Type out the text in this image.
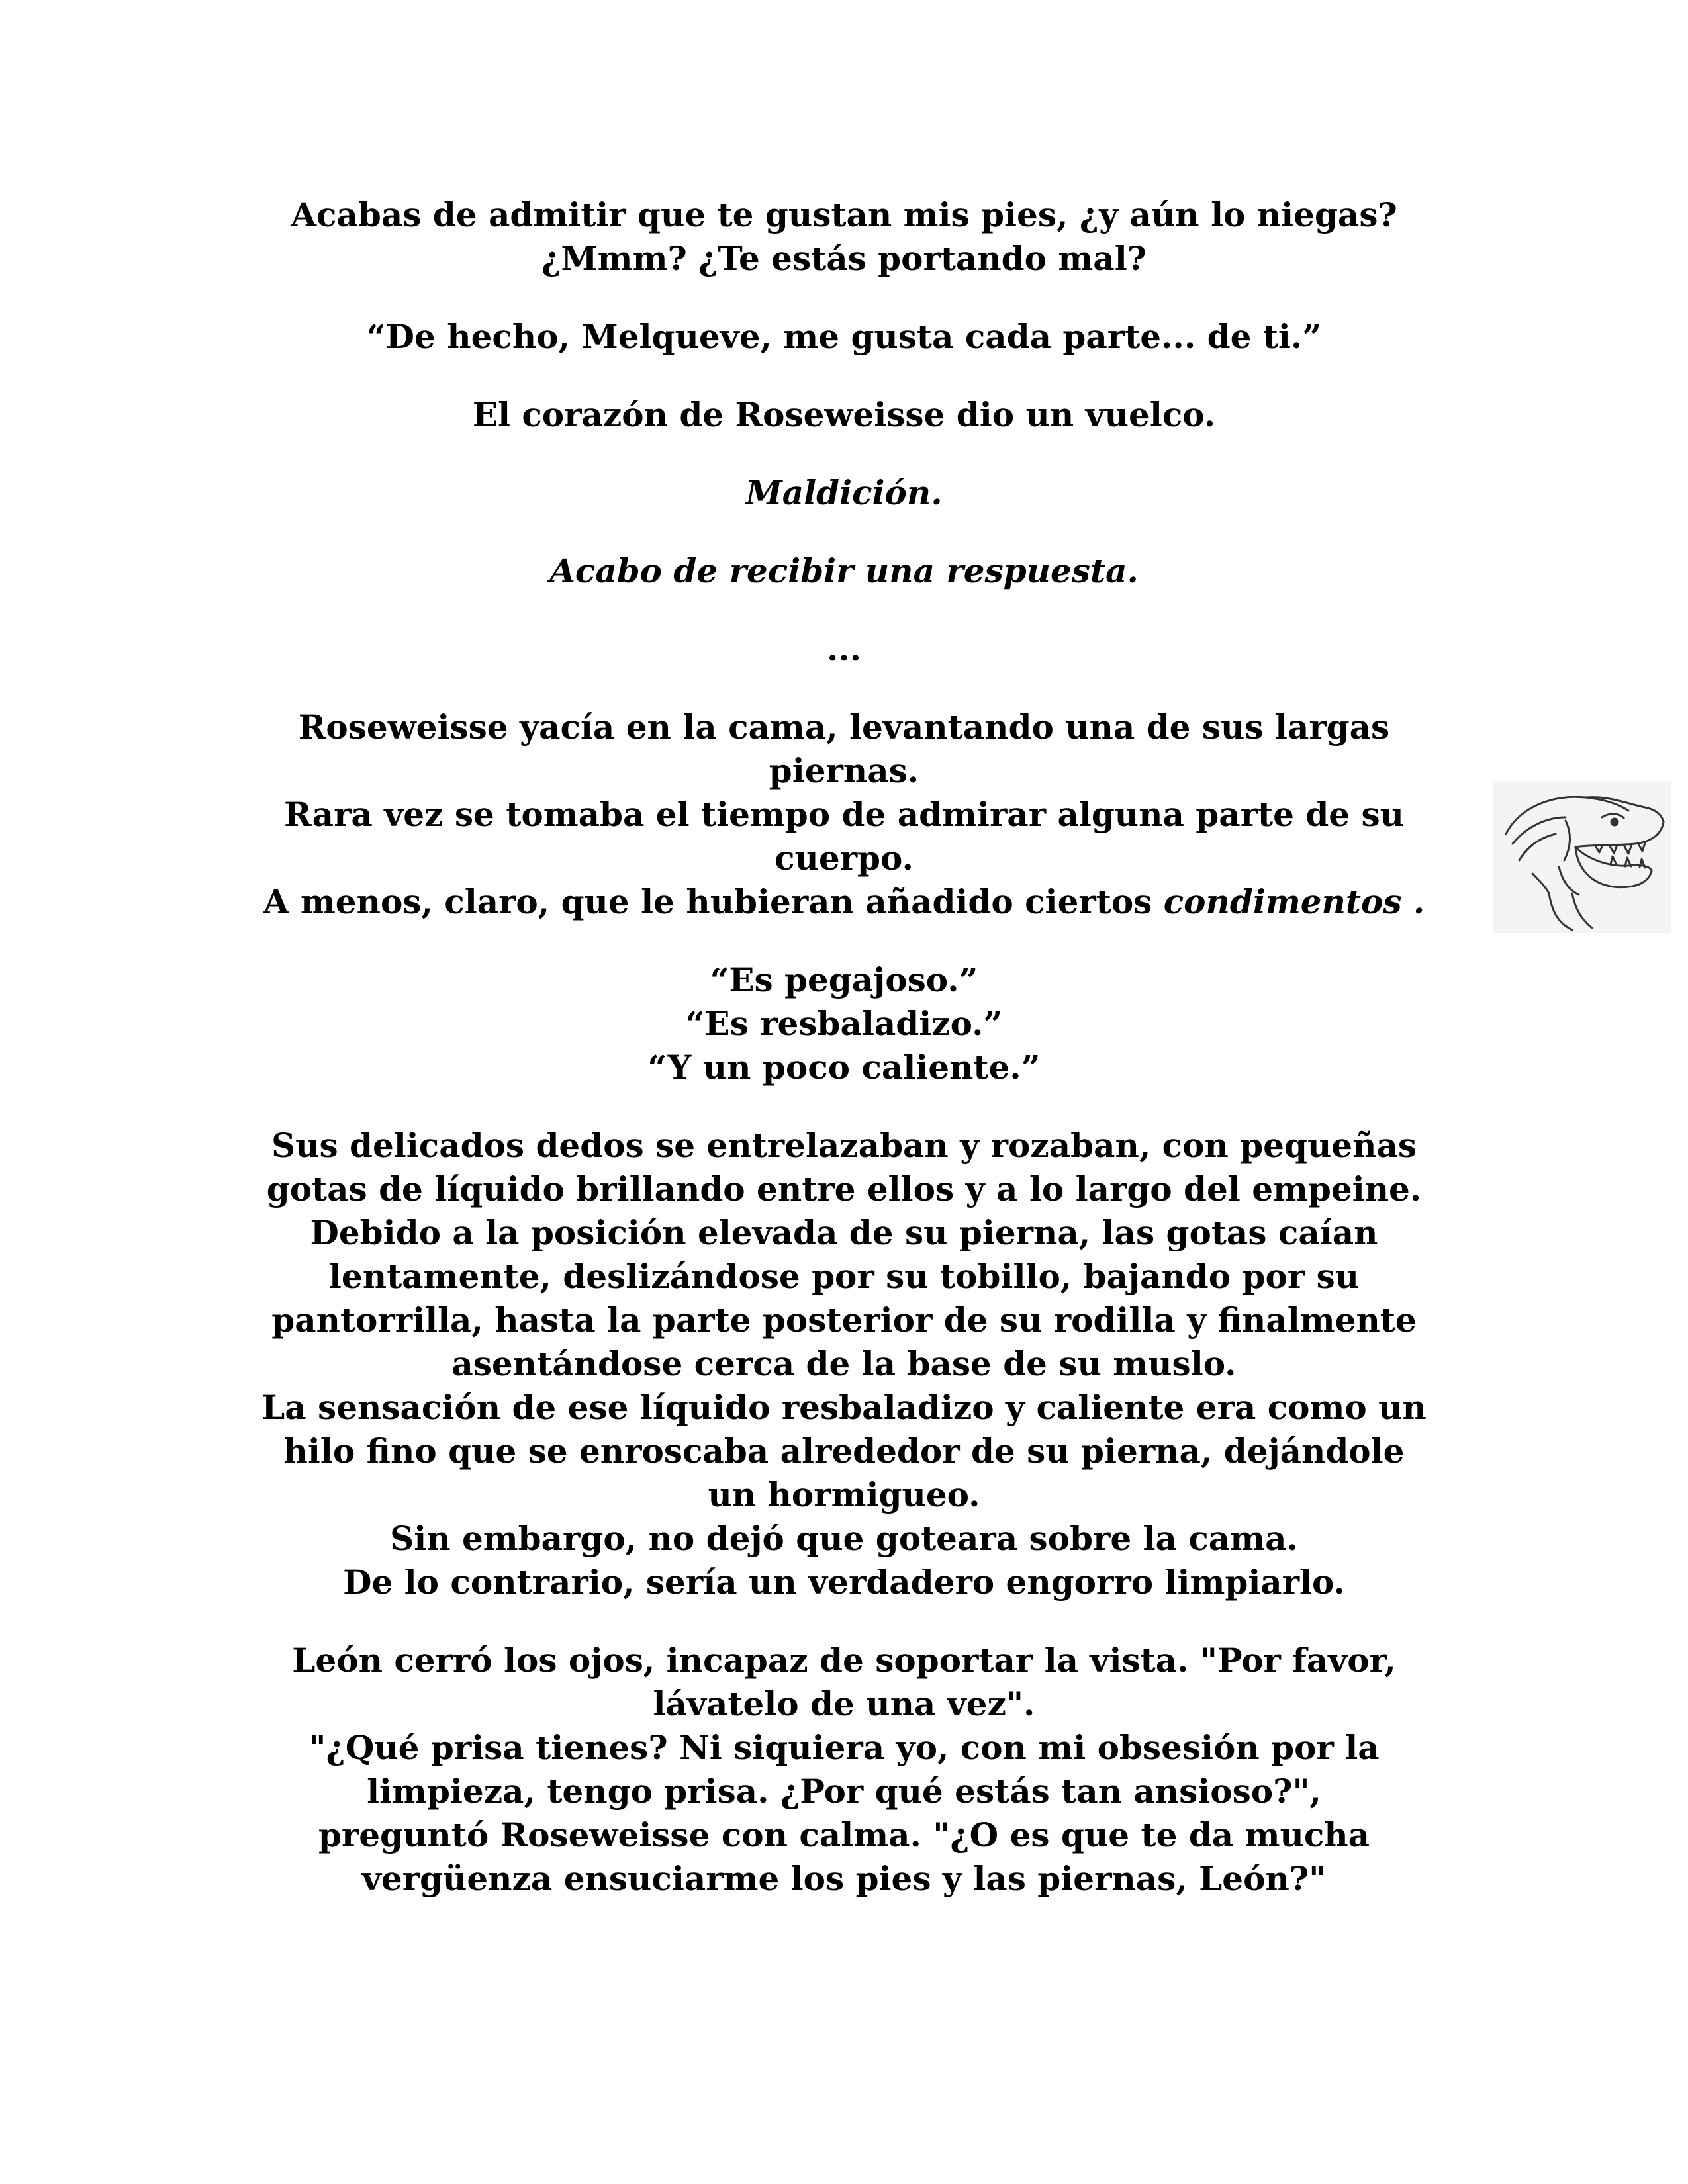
Acabas de admitir que te gustan mis pies, ¿y aún lo niegas?
¿Mmm? ¿Te estás portando mal?
“De hecho, Melqueve, me gusta cada parte... de ti.”
El corazón de Roseweisse dio un vuelco.
Maldición.
Acabo de recibir una respuesta.
...
Roseweisse yacía en la cama, levantando una de sus largas
piernas.
Rara vez se tomaba el tiempo de admirar alguna parte de su
cuerpo.
A menos, claro, que le hubieran añadido ciertos condimentos .
“Es pegajoso.”
“Es resbaladizo.”
“Y un poco caliente.”
Sus delicados dedos se entrelazaban y rozaban, con pequeñas
gotas de líquido brillando entre ellos y a lo largo del empeine.
Debido a la posición elevada de su pierna, las gotas caían
lentamente, deslizándose por su tobillo, bajando por su
pantorrilla, hasta la parte posterior de su rodilla y finalmente
asentándose cerca de la base de su muslo.
La sensación de ese líquido resbaladizo y caliente era como un
hilo fino que se enroscaba alrededor de su pierna, dejándole
un hormigueo.
Sin embargo, no dejó que goteara sobre la cama.
De lo contrario, sería un verdadero engorro limpiarlo.
León cerró los ojos, incapaz de soportar la vista. "Por favor,
lávatelo de una vez".
"¿Qué prisa tienes? Ni siquiera yo, con mi obsesión por la
limpieza, tengo prisa. ¿Por qué estás tan ansioso?",
preguntó Roseweisse con calma. "¿O es que te da mucha
vergüenza ensuciarme los pies y las piernas, León?"
